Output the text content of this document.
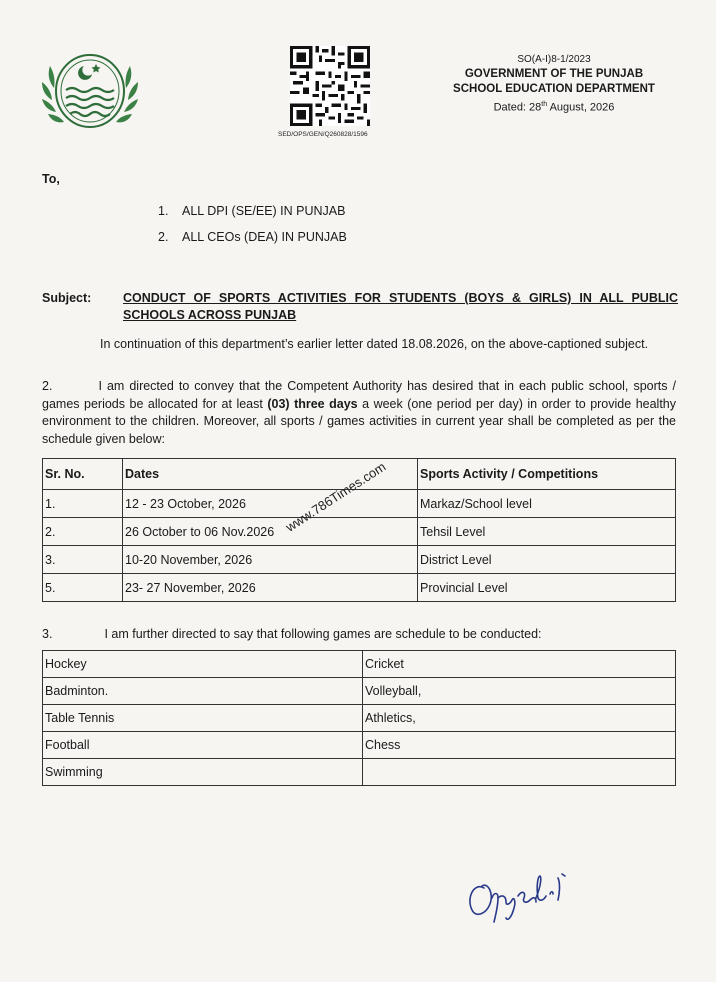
SED/OPS/GEN/Q260828/1596
SO(A-I)8-1/2023
GOVERNMENT OF THE PUNJAB
SCHOOL EDUCATION DEPARTMENT
Dated: 28th August, 2026
To,
1. ALL DPI (SE/EE) IN PUNJAB
2. ALL CEOs (DEA) IN PUNJAB
Subject:	CONDUCT OF SPORTS ACTIVITIES FOR STUDENTS (BOYS & GIRLS) IN ALL PUBLIC SCHOOLS ACROSS PUNJAB
In continuation of this department’s earlier letter dated 18.08.2026, on the above-captioned subject.
2.	I am directed to convey that the Competent Authority has desired that in each public school, sports / games periods be allocated for at least (03) three days a week (one period per day) in order to provide healthy environment to the children. Moreover, all sports / games activities in current year shall be completed as per the schedule given below:
Sr. No.	Dates	Sports Activity / Competitions
1.	12 - 23 October, 2026	Markaz/School level
2.	26 October to 06 Nov.2026	Tehsil Level
3.	10-20 November, 2026	District Level
5.	23- 27 November, 2026	Provincial Level
www.786Times.com
3.	I am further directed to say that following games are schedule to be conducted:
Hockey	Cricket
Badminton.	Volleyball,
Table Tennis	Athletics,
Football	Chess
Swimming	
